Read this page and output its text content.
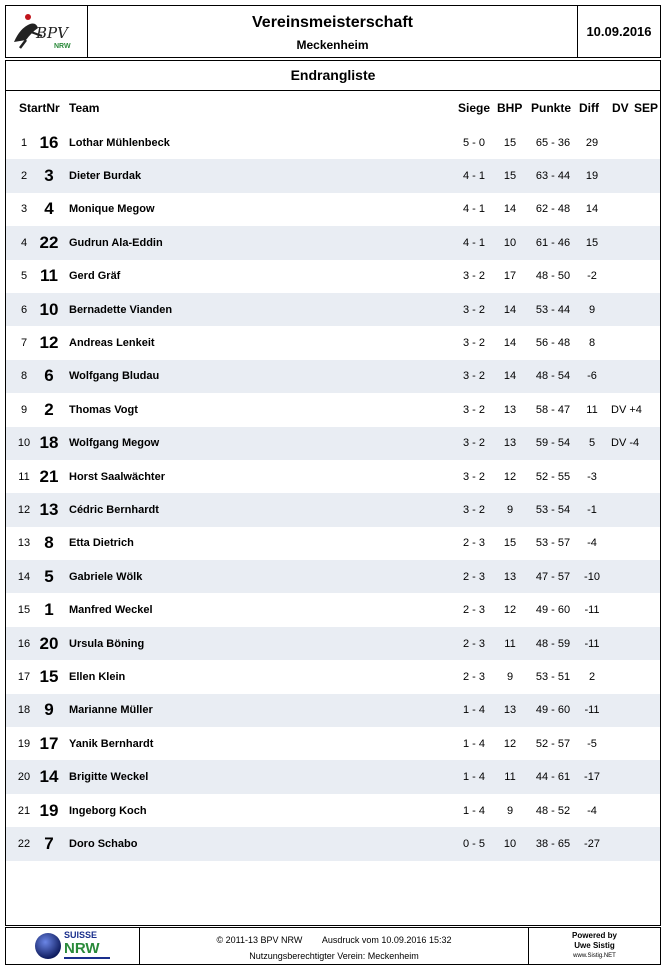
BPV
NRW
Vereinsmeisterschaft
Meckenheim
10.09.2016
Endrangliste
StartNr Team	Siege BHP Punkte Diff DV SEP
1 16 Lothar Mühlenbeck	5 - 0	15	65 - 36	29
2	3	Dieter Burdak	4 - 1	15	63 - 44	19
3	4	Monique Megow	4 - 1	14	62 - 48	14
4 22 Gudrun Ala-Eddin	4 - 1	10	61 - 46	15
5 11	Gerd Gräf	3 - 2	17	48 - 50	-2
6 10 Bernadette Vianden	3 - 2	14	53 - 44	9
7 12 Andreas Lenkeit	3 - 2	14	56 - 48	8
8	6	Wolfgang Bludau	3 - 2	14	48 - 54	-6
9	2	Thomas Vogt	3 - 2	13	58 - 47	11	DV +4
10 18 Wolfgang Megow	3 - 2	13	59 - 54	5	DV -4
11 21 Horst Saalwächter	3 - 2	12	52 - 55	-3
12 13 Cédric Bernhardt	3 - 2	9	53 - 54	-1
13 8	Etta Dietrich	2 - 3	15	53 - 57	-4
14 5	Gabriele Wölk	2 - 3	13	47 - 57	-10
15 1	Manfred Weckel	2 - 3	12	49 - 60	-11
16 20 Ursula Böning	2 - 3	11	48 - 59	-11
17 15 Ellen Klein	2 - 3	9	53 - 51	2
18 9	Marianne Müller	1 - 4	13	49 - 60	-11
19 17 Yanik Bernhardt	1 - 4	12	52 - 57	-5
20 14 Brigitte Weckel	1 - 4	11	44 - 61	-17
21 19 Ingeborg Koch	1 - 4	9	48 - 52	-4
22 7	Doro Schabo	0 - 5	10	38 - 65	-27
SUISSE
NRW	© 2011-13 BPV NRW Ausdruck vom 10.09.2016 15:32
Nutzungsberechtigter Verein: Meckenheim
Powered by
Uwe Sistig
www.Sistig.NET
